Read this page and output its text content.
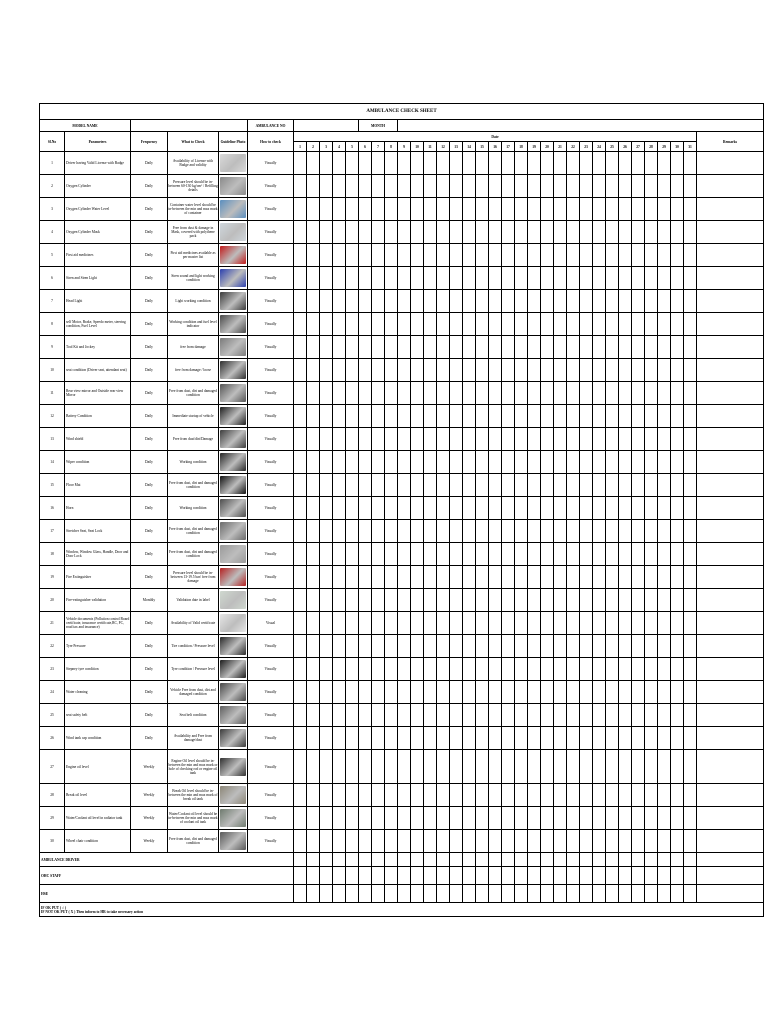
AMBULANCE CHECK SHEET																																					
MODEL NAME					AMBULANCE NO						MONTH																										
Sl.No	Parameters	Frequency	What to Check	Guideline Photo	How to check	Date																															Remarks
						1	2	3	4	5	6	7	8	9	10	11	12	13	14	15	16	17	18	19	20	21	22	23	24	25	26	27	28	29	30	31	
1	Driver having Valid License with Badge	Daily	Availability of License with Badge and validity		Visually																																
2	Oxygen Cylinder	Daily	Pressure level should be in- between 60-130 kg/cm² / Refilling details		Visually																																
3	Oxygen Cylinder Water Level	Daily	Container water level should be in-between the min and max mark of container		Visually																																
4	Oxygen Cylinder Mask	Daily	Free from dust & damage in Mask, covered with polythene pack		Visually																																
5	First aid medicines	Daily	First aid medicines available as per master list		Visually																																
6	Siren and Siren Light	Daily	Siren sound and light working condition		Visually																																
7	Head Light	Daily	Light working condition		Visually																																
8	self Motor, Brake, Speedo meter, steering condition, Fuel Level	Daily	Working condition and fuel level indicator		Visually																																
9	Tool Kit and Jockey	Daily	free from damage		Visually																																
10	seat condition (Driver seat, attendant seat)	Daily	free from damage / loose		Visually																																
11	Rear view mirror and Outside rear view Mirror	Daily	Free from dust, dirt and damaged condition		Visually																																
12	Battery Condition	Daily	Immediate startup of vehicle		Visually																																
13	Wind shield	Daily	Free from dust/dirt/Damage		Visually																																
14	Wiper condition	Daily	Working condition		Visually																																
15	Floor Mat	Daily	Free from dust, dirt and damaged condition		Visually																																
16	Horn	Daily	Working condition		Visually																																
17	Stretcher Seat, Seat Lock	Daily	Free from dust, dirt and damaged condition		Visually																																
18	Window, Window Glass, Handle, Door and Door Lock	Daily	Free from dust, dirt and damaged condition		Visually																																
19	Fire Extinguisher	Daily	Pressure level should be in-between 13-19.5 bar/ free from damage		Visually																																
20	Fire-extinguisher validation	Monthly	Validation date in label		Visually																																
21	Vehicle documents (Pollution control Board certificate, insurance certificate,RC, FC, road tax and insurance)	Daily	Availability of Valid certificate		Visual																																
22	Tyre Pressure	Daily	Tire condition / Pressure level		Visually																																
23	Stepney tyre condition	Daily	Tyre condition / Pressure level		Visually																																
24	Water cleaning	Daily	Vehicle Free from dust, dirt and damaged condition		Visually																																
25	seat safety belt	Daily	Seat belt condition		Visually																																
26	Wind tank cap condition	Daily	Availability and Free from damage/dust		Visually																																
27	Engine oil level	Weekly	Engine Oil level should be in-between the min and max mark or hole of checking rod or engine oil tank		Visually																																
28	Break oil level	Weekly	Break Oil level should be in- between the min and max mark of break oil tank		Visually																																
29	Water/Coolant oil level in radiator tank	Weekly	Water/Coolant oil level should be in-between the min and max mark of coolant oil tank		Visually																																
30	Wheel chair condition	Weekly	Free from dust, dirt and damaged condition		Visually																																
AMBULANCE DRIVER																																					
OHC STAFF																																					
HSE																																					

IF OK PUT ( √ )
IF NOT OK PUT ( X ) Then inform to HR to take necessary action																																					
